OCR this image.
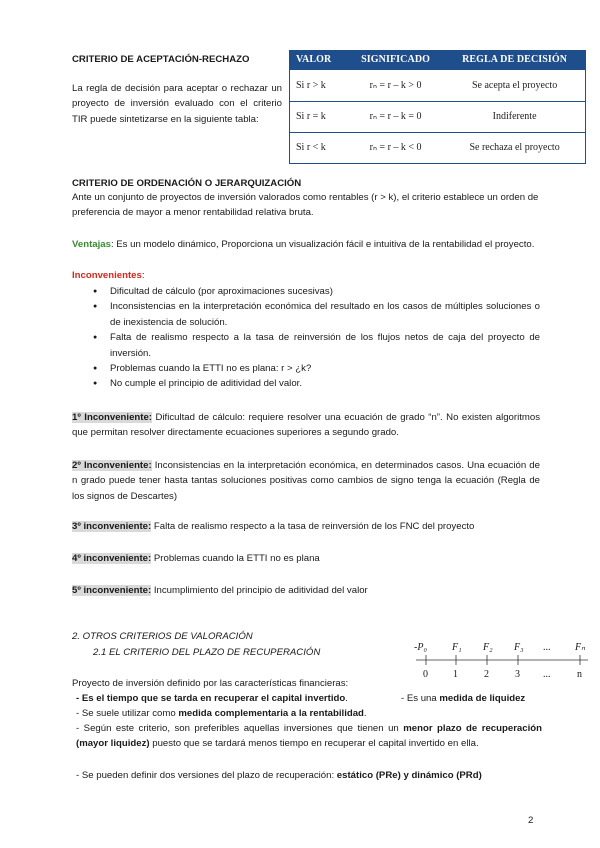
CRITERIO DE ACEPTACIÓN-RECHAZO
La regla de decisión para aceptar o rechazar un proyecto de inversión evaluado con el criterio TIR puede sintetizarse en la siguiente tabla:
VALOR	SIGNIFICADO	REGLA DE DECISIÓN
Si r > k	rₙ = r – k > 0	Se acepta el proyecto
Si r = k	rₙ = r – k = 0	Indiferente
Si r < k	rₙ = r – k < 0	Se rechaza el proyecto
CRITERIO DE ORDENACIÓN O JERARQUIZACIÓN
Ante un conjunto de proyectos de inversión valorados como rentables (r > k), el criterio establece un orden de preferencia de mayor a menor rentabilidad relativa bruta.
Ventajas: Es un modelo dinámico, Proporciona un visualización fácil e intuitiva de la rentabilidad el proyecto.
Inconvenientes:
● Dificultad de cálculo (por aproximaciones sucesivas)
● Inconsistencias en la interpretación económica del resultado en los casos de múltiples soluciones o de inexistencia de solución.
● Falta de realismo respecto a la tasa de reinversión de los flujos netos de caja del proyecto de inversión.
● Problemas cuando la ETTI no es plana: r > ¿k?
● No cumple el principio de aditividad del valor.
1º Inconveniente: Dificultad de cálculo: requiere resolver una ecuación de grado “n”. No existen algoritmos que permitan resolver directamente ecuaciones superiores a segundo grado.
2º Inconveniente: Inconsistencias en la interpretación económica, en determinados casos. Una ecuación de n grado puede tener hasta tantas soluciones positivas como cambios de signo tenga la ecuación (Regla de los signos de Descartes)
3º inconveniente: Falta de realismo respecto a la tasa de reinversión de los FNC del proyecto
4º inconveniente: Problemas cuando la ETTI no es plana
5º inconveniente: Incumplimiento del principio de aditividad del valor
2. OTROS CRITERIOS DE VALORACIÓN
2.1 EL CRITERIO DEL PLAZO DE RECUPERACIÓN	-P₀	F₁ F₂ F₃ ... Fₙ
0	1	2	3 ...	n
Proyecto de inversión definido por las características financieras:
- Es el tiempo que se tarda en recuperar el capital invertido.	- Es una medida de liquidez
- Se suele utilizar como medida complementaria a la rentabilidad.
- Según este criterio, son preferibles aquellas inversiones que tienen un menor plazo de recuperación (mayor liquidez) puesto que se tardará menos tiempo en recuperar el capital invertido en ella.
- Se pueden definir dos versiones del plazo de recuperación: estático (PRe) y dinámico (PRd)
2
